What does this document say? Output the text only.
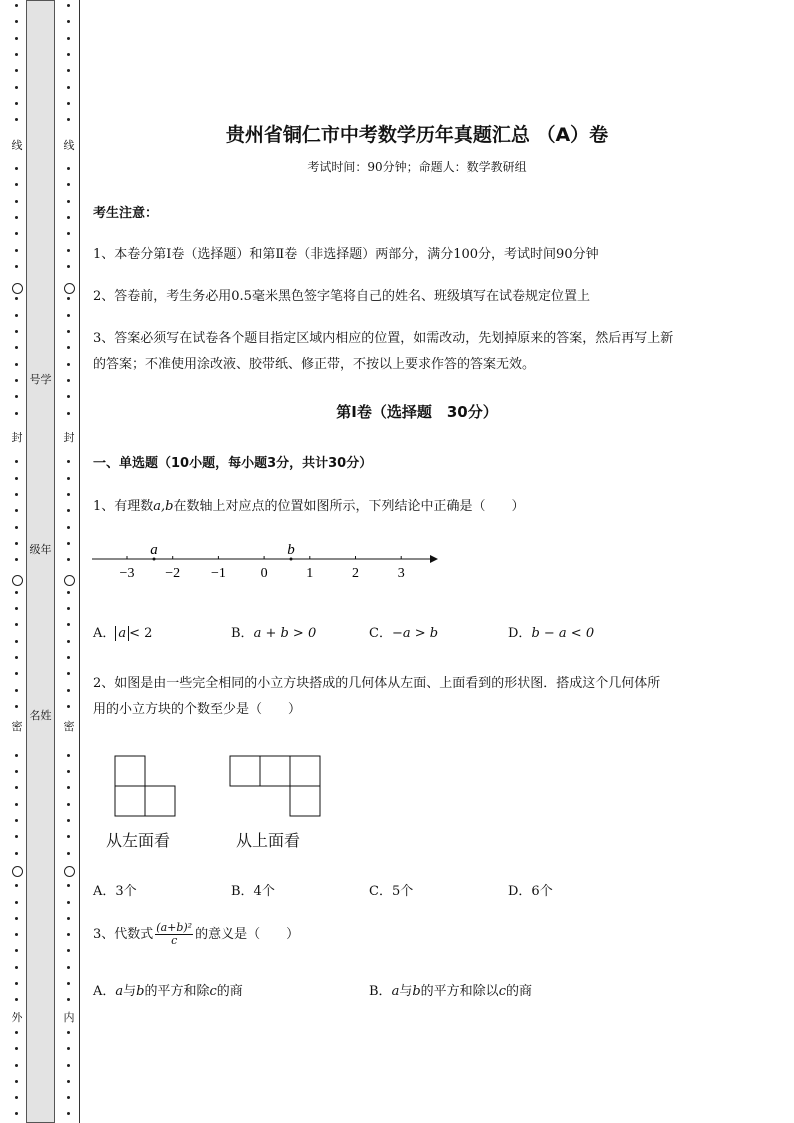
线
封
密
外
号学
级年
名姓
线
封
密
内
贵州省铜仁市中考数学历年真题汇总 （A）卷
考试时间：90分钟；命题人：数学教研组
考生注意：
1、本卷分第I卷（选择题）和第Ⅱ卷（非选择题）两部分，满分100分，考试时间90分钟
2、答卷前，考生务必用0.5毫米黑色签字笔将自己的姓名、班级填写在试卷规定位置上
3、答案必须写在试卷各个题目指定区域内相应的位置，如需改动，先划掉原来的答案，然后再写上新
的答案；不准使用涂改液、胶带纸、修正带，不按以上要求作答的答案无效。
第I卷（选择题　30分）
一、单选题（10小题，每小题3分，共计30分）
1、有理数a,b在数轴上对应点的位置如图所示，下列结论中正确是（　　）
−3 −2 −1 0	1	2	3
a	b
A． a < 2	B．a + b > 0	C．−a > b	D．b − a < 0
2、如图是由一些完全相同的小立方块搭成的几何体从左面、上面看到的形状图．搭成这个几何体所
用的小立方块的个数至少是（　　）
从左面看	从上面看
A．3个	B．4个	C．5个	D．6个
3、代数式 $\frac{\text{(a+b)²}}{c}$ 的意义是（　　）
A．a与b的平方和除c的商	B．a与b的平方和除以c的商
